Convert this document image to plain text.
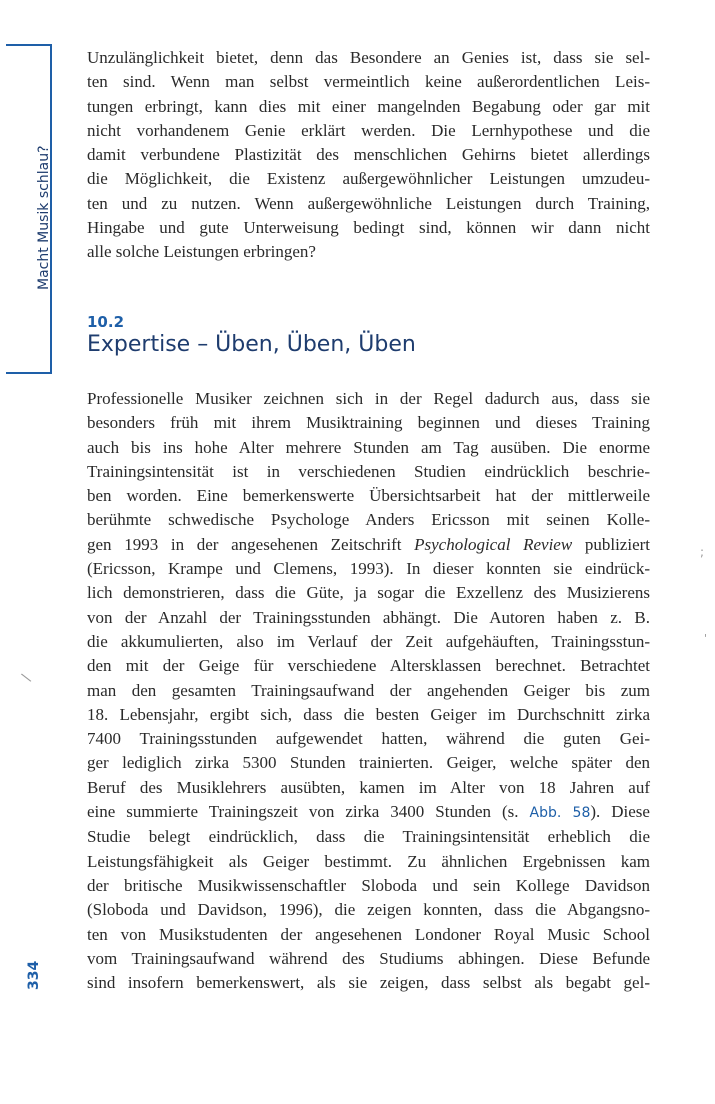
Macht Musik schlau?
334
Unzulänglichkeit bietet, denn das Besondere an Genies ist, dass sie sel-
ten sind. Wenn man selbst vermeintlich keine außerordentlichen Leis-
tungen erbringt, kann dies mit einer mangelnden Begabung oder gar mit
nicht vorhandenem Genie erklärt werden. Die Lernhypothese und die
damit verbundene Plastizität des menschlichen Gehirns bietet allerdings
die Möglichkeit, die Existenz außergewöhnlicher Leistungen umzudeu-
ten und zu nutzen. Wenn außergewöhnliche Leistungen durch Training,
Hingabe und gute Unterweisung bedingt sind, können wir dann nicht
alle solche Leistungen erbringen?
10.2
Expertise – Üben, Üben, Üben
Professionelle Musiker zeichnen sich in der Regel dadurch aus, dass sie
besonders früh mit ihrem Musiktraining beginnen und dieses Training
auch bis ins hohe Alter mehrere Stunden am Tag ausüben. Die enorme
Trainingsintensität ist in verschiedenen Studien eindrücklich beschrie-
ben worden. Eine bemerkenswerte Übersichtsarbeit hat der mittlerweile
berühmte schwedische Psychologe Anders Ericsson mit seinen Kolle-
gen 1993 in der angesehenen Zeitschrift Psychological Review publiziert
(Ericsson, Krampe und Clemens, 1993). In dieser konnten sie eindrück-
lich demonstrieren, dass die Güte, ja sogar die Exzellenz des Musizierens
von der Anzahl der Trainingsstunden abhängt. Die Autoren haben z. B.
die akkumulierten, also im Verlauf der Zeit aufgehäuften, Trainingsstun-
den mit der Geige für verschiedene Altersklassen berechnet. Betrachtet
man den gesamten Trainingsaufwand der angehenden Geiger bis zum
18. Lebensjahr, ergibt sich, dass die besten Geiger im Durchschnitt zirka
7400 Trainingsstunden aufgewendet hatten, während die guten Gei-
ger lediglich zirka 5300 Stunden trainierten. Geiger, welche später den
Beruf des Musiklehrers ausübten, kamen im Alter von 18 Jahren auf
eine summierte Trainingszeit von zirka 3400 Stunden (s. Abb. 58). Diese
Studie belegt eindrücklich, dass die Trainingsintensität erheblich die
Leistungsfähigkeit als Geiger bestimmt. Zu ähnlichen Ergebnissen kam
der britische Musikwissenschaftler Sloboda und sein Kollege Davidson
(Sloboda und Davidson, 1996), die zeigen konnten, dass die Abgangsno-
ten von Musikstudenten der angesehenen Londoner Royal Music School
vom Trainingsaufwand während des Studiums abhingen. Diese Befunde
sind insofern bemerkenswert, als sie zeigen, dass selbst als begabt gel-
\
;
'
